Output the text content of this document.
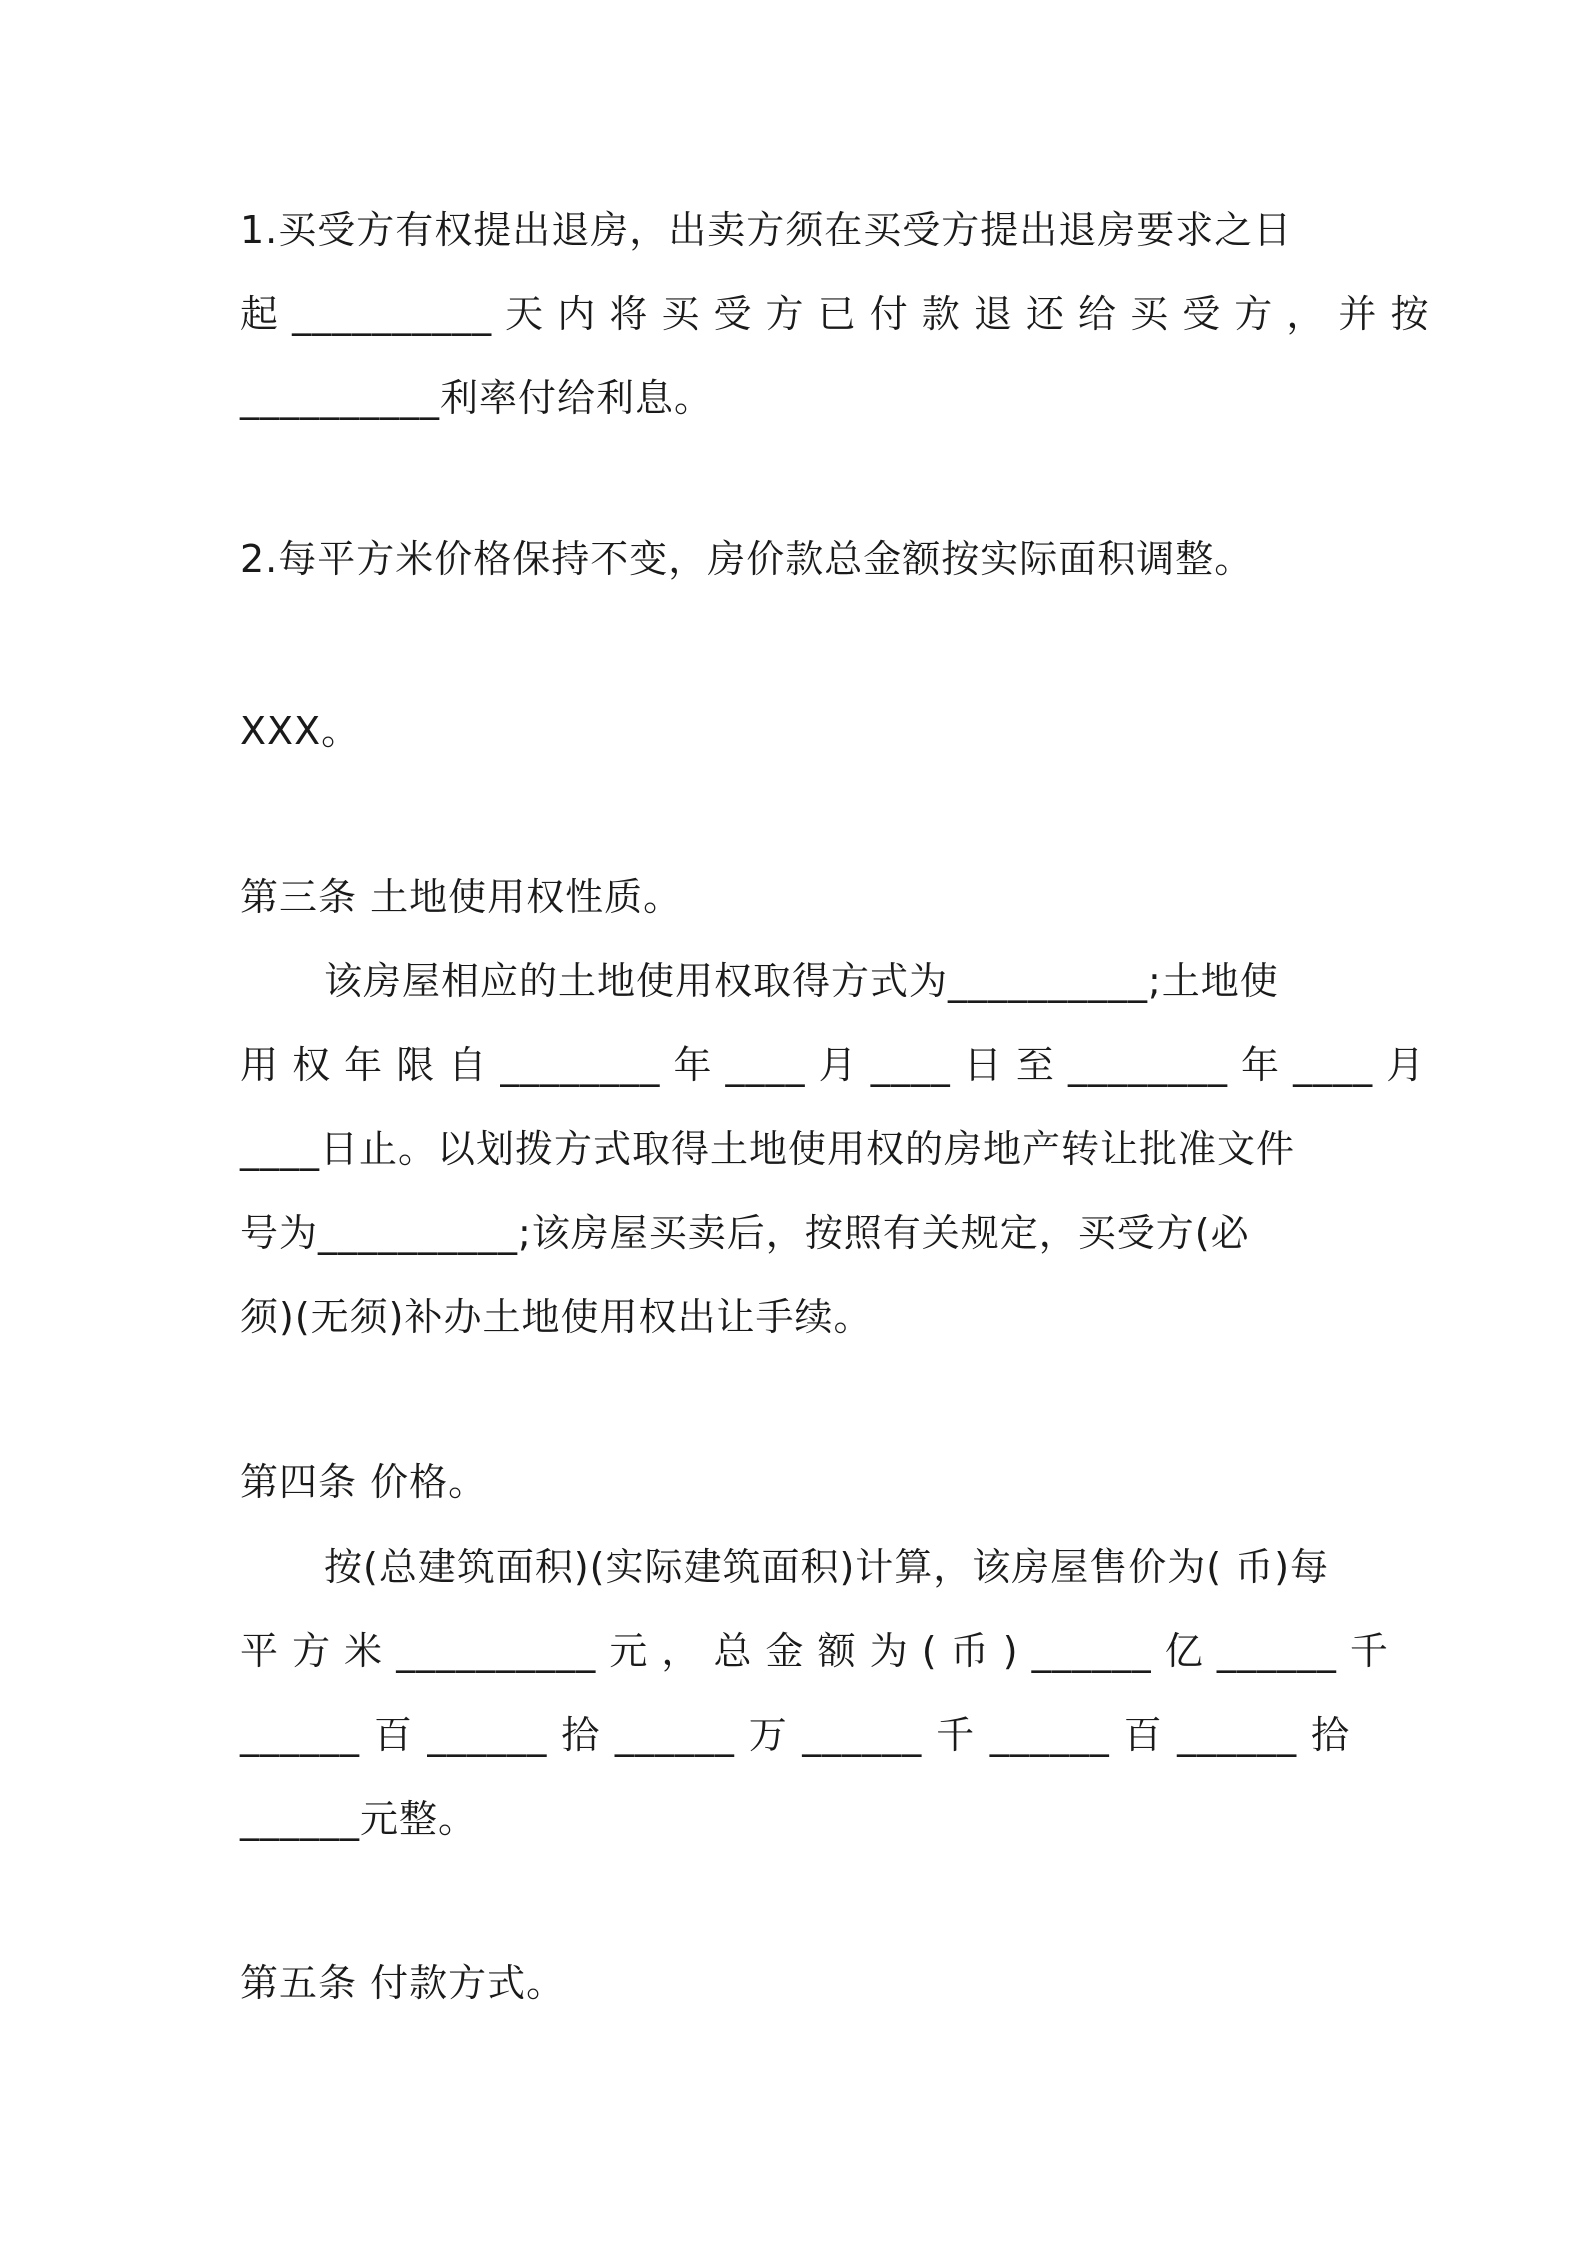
1.买受方有权提出退房，出卖方须在买受方提出退房要求之日
起 __________ 天 内 将 买 受 方 已 付 款 退 还 给 买 受 方 ， 并 按
__________利率付给利息。
2.每平方米价格保持不变，房价款总金额按实际面积调整。
XXX。
第三条 土地使用权性质。
该房屋相应的土地使用权取得方式为__________;土地使
用 权 年 限 自 ________ 年 ____ 月 ____ 日 至 ________ 年 ____ 月
____日止。以划拨方式取得土地使用权的房地产转让批准文件
号为__________;该房屋买卖后，按照有关规定，买受方(必
须)(无须)补办土地使用权出让手续。
第四条 价格。
按(总建筑面积)(实际建筑面积)计算，该房屋售价为( 币)每
平 方 米 __________ 元 ， 总 金 额 为 ( 币 ) ______ 亿 ______ 千
______ 百 ______ 拾 ______ 万 ______ 千 ______ 百 ______ 拾
______元整。
第五条 付款方式。
